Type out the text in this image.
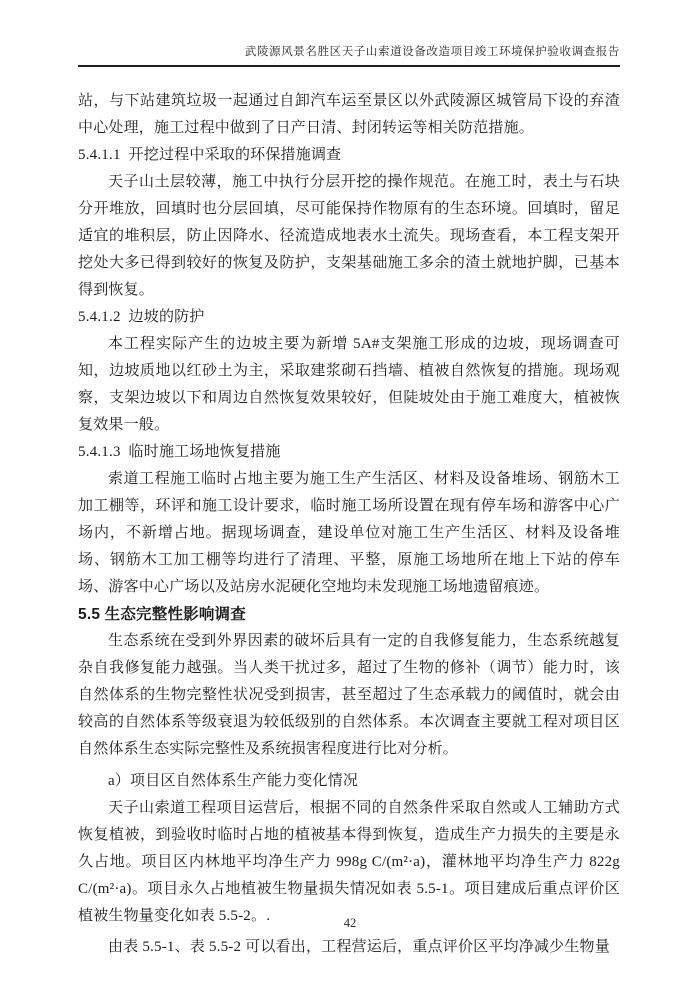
武陵源风景名胜区天子山索道设备改造项目竣工环境保护验收调查报告

站，与下站建筑垃圾一起通过自卸汽车运至景区以外武陵源区城管局下设的弃渣中心处理，施工过程中做到了日产日清、封闭转运等相关防范措施。

5.4.1.1  开挖过程中采取的环保措施调查

天子山土层较薄，施工中执行分层开挖的操作规范。在施工时，表土与石块分开堆放，回填时也分层回填，尽可能保持作物原有的生态环境。回填时，留足适宜的堆积层，防止因降水、径流造成地表水土流失。现场查看，本工程支架开挖处大多已得到较好的恢复及防护，支架基础施工多余的渣土就地护脚，已基本得到恢复。

5.4.1.2  边坡的防护

本工程实际产生的边坡主要为新增 5A#支架施工形成的边坡，现场调查可知，边坡质地以红砂土为主，采取建浆砌石挡墙、植被自然恢复的措施。现场观察，支架边坡以下和周边自然恢复效果较好，但陡坡处由于施工难度大，植被恢复效果一般。

5.4.1.3  临时施工场地恢复措施

索道工程施工临时占地主要为施工生产生活区、材料及设备堆场、钢筋木工加工棚等，环评和施工设计要求，临时施工场所设置在现有停车场和游客中心广场内，不新增占地。据现场调查，建设单位对施工生产生活区、材料及设备堆场、钢筋木工加工棚等均进行了清理、平整，原施工场地所在地上下站的停车场、游客中心广场以及站房水泥硬化空地均未发现施工场地遗留痕迹。

5.5 生态完整性影响调查

生态系统在受到外界因素的破坏后具有一定的自我修复能力，生态系统越复杂自我修复能力越强。当人类干扰过多，超过了生物的修补（调节）能力时，该自然体系的生物完整性状况受到损害，甚至超过了生态承载力的阈值时，就会由较高的自然体系等级衰退为较低级别的自然体系。本次调查主要就工程对项目区自然体系生态实际完整性及系统损害程度进行比对分析。

a）项目区自然体系生产能力变化情况

天子山索道工程项目运营后，根据不同的自然条件采取自然或人工辅助方式恢复植被，到验收时临时占地的植被基本得到恢复，造成生产力损失的主要是永久占地。项目区内林地平均净生产力 998g C/(m²·a)，灌林地平均净生产力 822g C/(m²·a)。项目永久占地植被生物量损失情况如表 5.5-1。项目建成后重点评价区植被生物量变化如表 5.5-2。.

由表 5.5-1、表 5.5-2 可以看出，工程营运后，重点评价区平均净减少生物量

42
